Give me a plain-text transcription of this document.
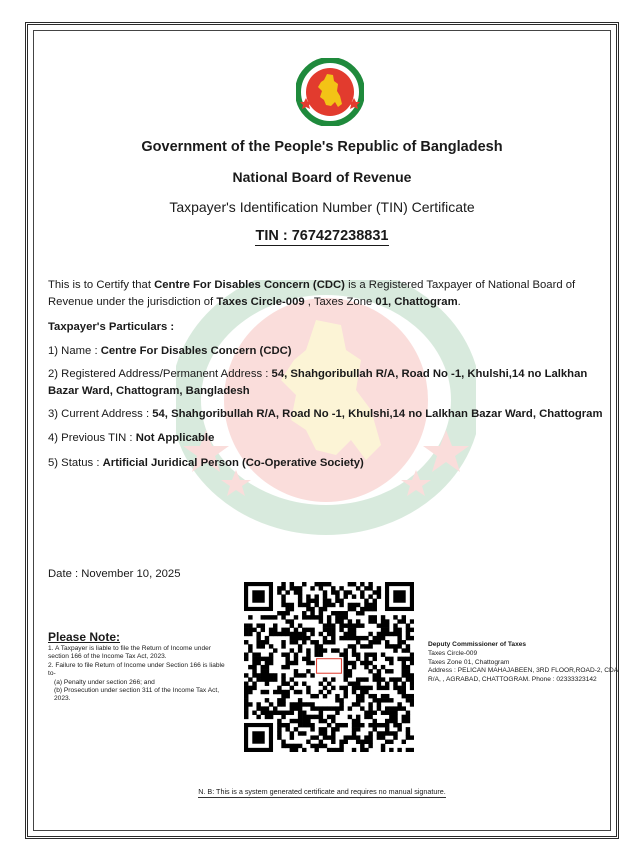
Government of the People's Republic of Bangladesh
National Board of Revenue
Taxpayer's Identification Number (TIN) Certificate
TIN : 767427238831
This is to Certify that Centre For Disables Concern (CDC) is a Registered Taxpayer of National Board of Revenue under the jurisdiction of Taxes Circle-009 , Taxes Zone 01, Chattogram.
Taxpayer's Particulars :
1) Name : Centre For Disables Concern (CDC)
2) Registered Address/Permanent Address : 54, Shahgoribullah R/A, Road No -1, Khulshi,14 no Lalkhan Bazar Ward, Chattogram, Bangladesh
3) Current Address : 54, Shahgoribullah R/A, Road No -1, Khulshi,14 no Lalkhan Bazar Ward, Chattogram
4) Previous TIN : Not Applicable
5) Status : Artificial Juridical Person (Co-Operative Society)
Date : November 10, 2025
Please Note:
1. A Taxpayer is liable to file the Return of Income under section 166 of the Income Tax Act, 2023.
2. Failure to file Return of Income under Section 166 is liable to-
(a) Penalty under section 266; and
(b) Prosecution under section 311 of the Income Tax Act, 2023.
Deputy Commissioner of Taxes
Taxes Circle-009
Taxes Zone 01, Chattogram
Address : PELICAN MAHAJABEEN, 3RD FLOOR,ROAD-2, CDA R/A, , AGRABAD, CHATTOGRAM. Phone : 02333323142
N. B: This is a system generated certificate and requires no manual signature.
